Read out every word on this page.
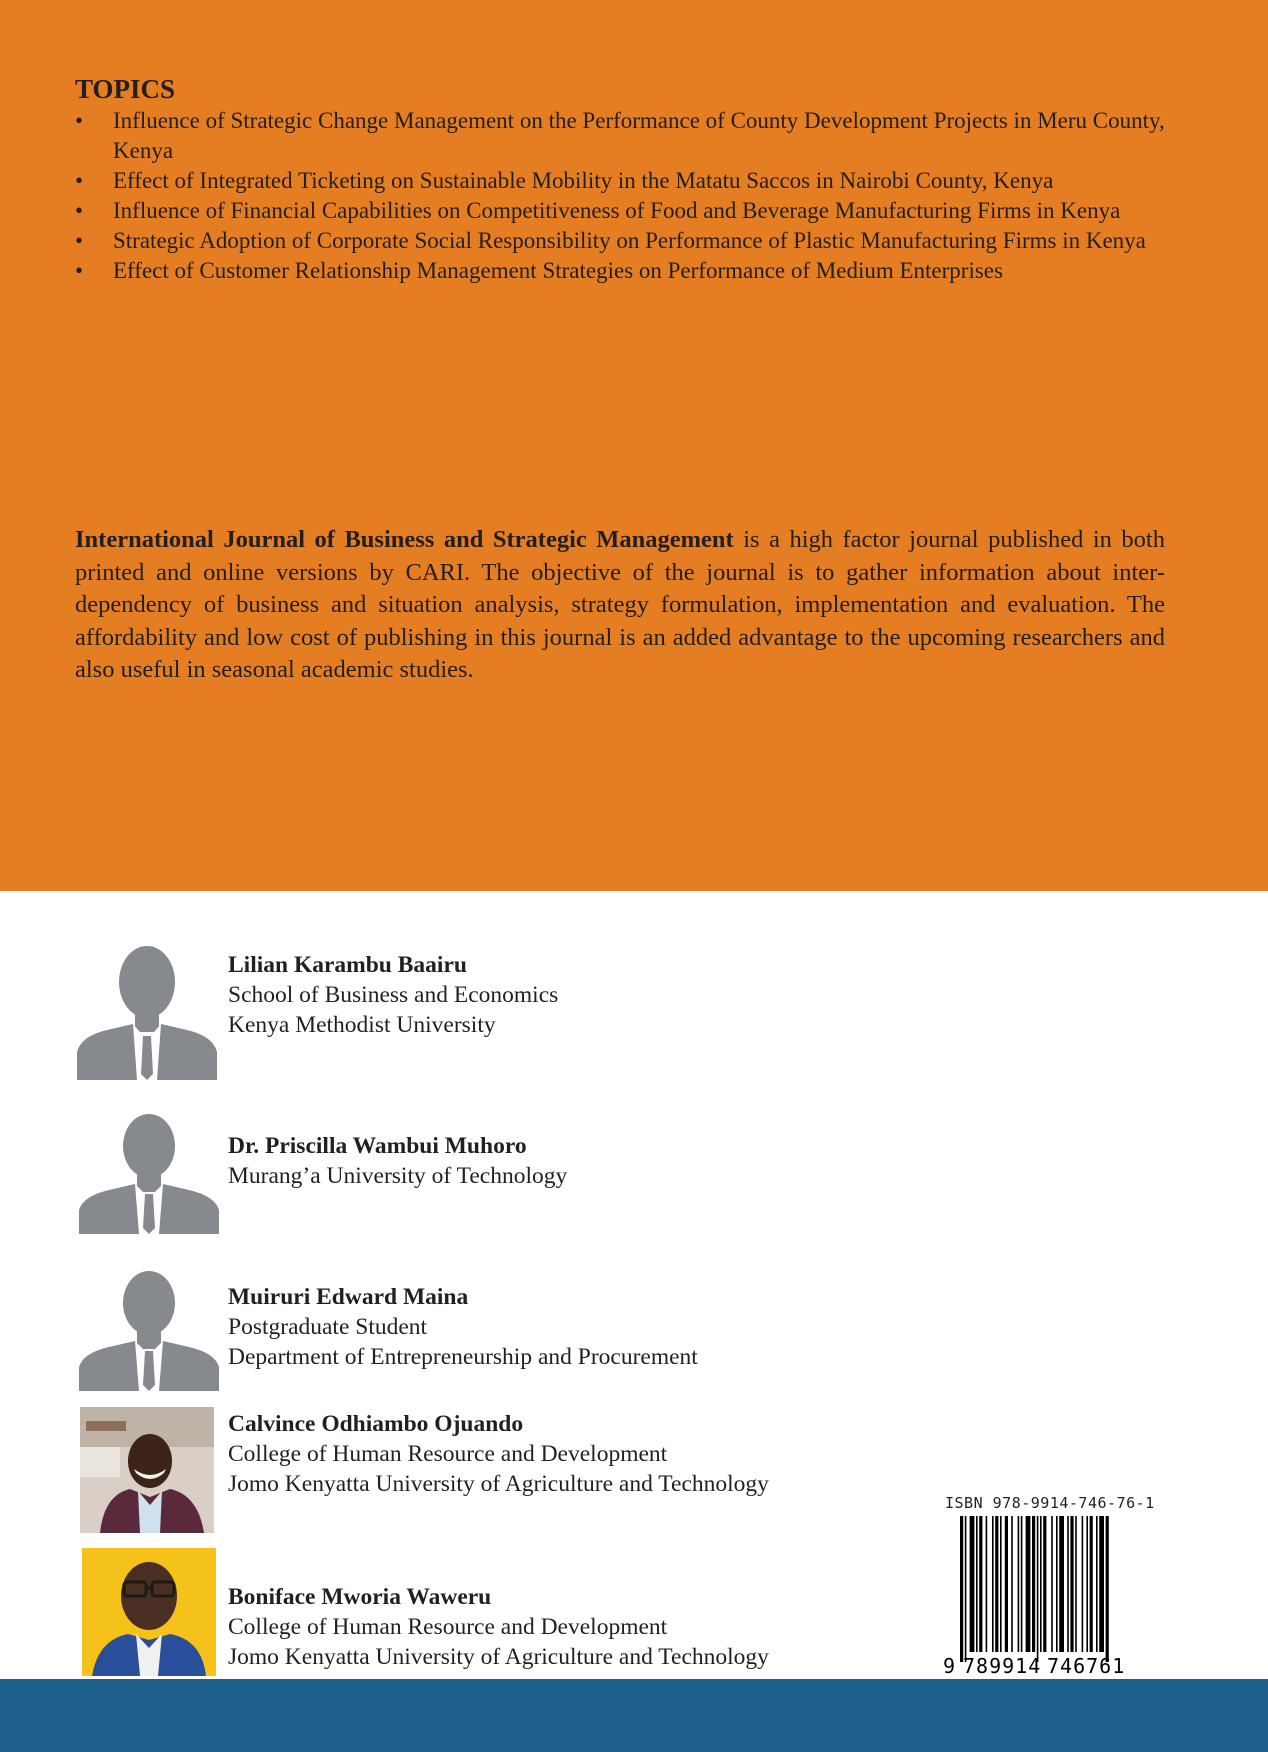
TOPICS
• Influence of Strategic Change Management on the Performance of County Development Projects in Meru County, Kenya
• Effect of Integrated Ticketing on Sustainable Mobility in the Matatu Saccos in Nairobi County, Kenya
• Influence of Financial Capabilities on Competitiveness of Food and Beverage Manufacturing Firms in Kenya
• Strategic Adoption of Corporate Social Responsibility on Performance of Plastic Manufacturing Firms in Kenya
• Effect of Customer Relationship Management Strategies on Performance of Medium Enterprises

International Journal of Business and Strategic Management is a high factor journal published in both printed and online versions by CARI. The objective of the journal is to gather information about inter-dependency of business and situation analysis, strategy formulation, implementation and evaluation. The affordability and low cost of publishing in this journal is an added advantage to the upcoming researchers and also useful in seasonal academic studies.

Lilian Karambu Baairu
School of Business and Economics
Kenya Methodist University
Dr. Priscilla Wambui Muhoro
Murang’a University of Technology
Muiruri Edward Maina
Postgraduate Student
Department of Entrepreneurship and Procurement
Calvince Odhiambo Ojuando
College of Human Resource and Development
Jomo Kenyatta University of Agriculture and Technology
Boniface Mworia Waweru
College of Human Resource and Development
Jomo Kenyatta University of Agriculture and Technology
ISBN 978-9914-746-76-1
9 789914 746761
